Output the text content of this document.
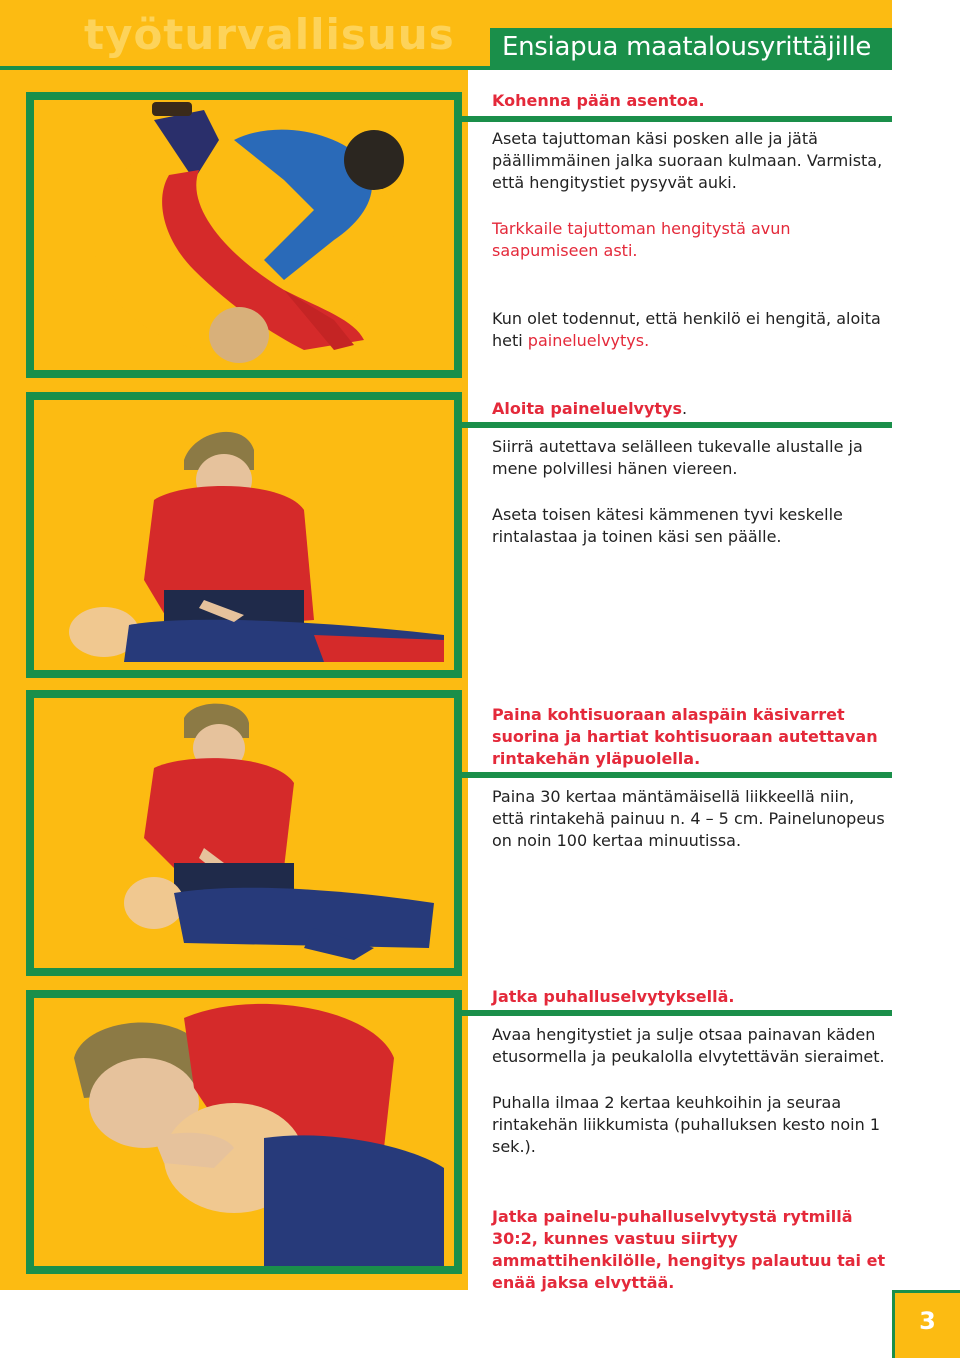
työturvallisuus Ensiapua maatalousyrittäjille
Kohenna pään asentoa.
Aseta tajuttoman käsi posken alle ja jätä päällimmäinen jalka suoraan kulmaan. Varmista, että hengitystiet pysyvät auki.
Tarkkaile tajuttoman hengitystä avun saapumiseen asti.
Kun olet todennut, että henkilö ei hengitä, aloita heti paineluelvytys.
Aloita paineluelvytys.
Siirrä autettava selälleen tukevalle alustalle ja mene polvillesi hänen viereen.
Aseta toisen kätesi kämmenen tyvi keskelle rintalastaa ja toinen käsi sen päälle.
Paina kohtisuoraan alaspäin käsivarret suorina ja hartiat kohtisuoraan autettavan rintakehän yläpuolella.
Paina 30 kertaa mäntämäisellä liikkeellä niin, että rintakehä painuu n. 4 – 5 cm. Painelunopeus on noin 100 kertaa minuutissa.
Jatka puhalluselvytyksellä.
Avaa hengitystiet ja sulje otsaa painavan käden etusormella ja peukalolla elvytettävän sieraimet.
Puhalla ilmaa 2 kertaa keuhkoihin ja seuraa rintakehän liikkumista (puhalluksen kesto noin 1 sek.).
Jatka painelu-puhalluselvytystä rytmillä 30:2, kunnes vastuu siirtyy ammattihenkilölle, hengitys palautuu tai et enää jaksa elvyttää.
3
